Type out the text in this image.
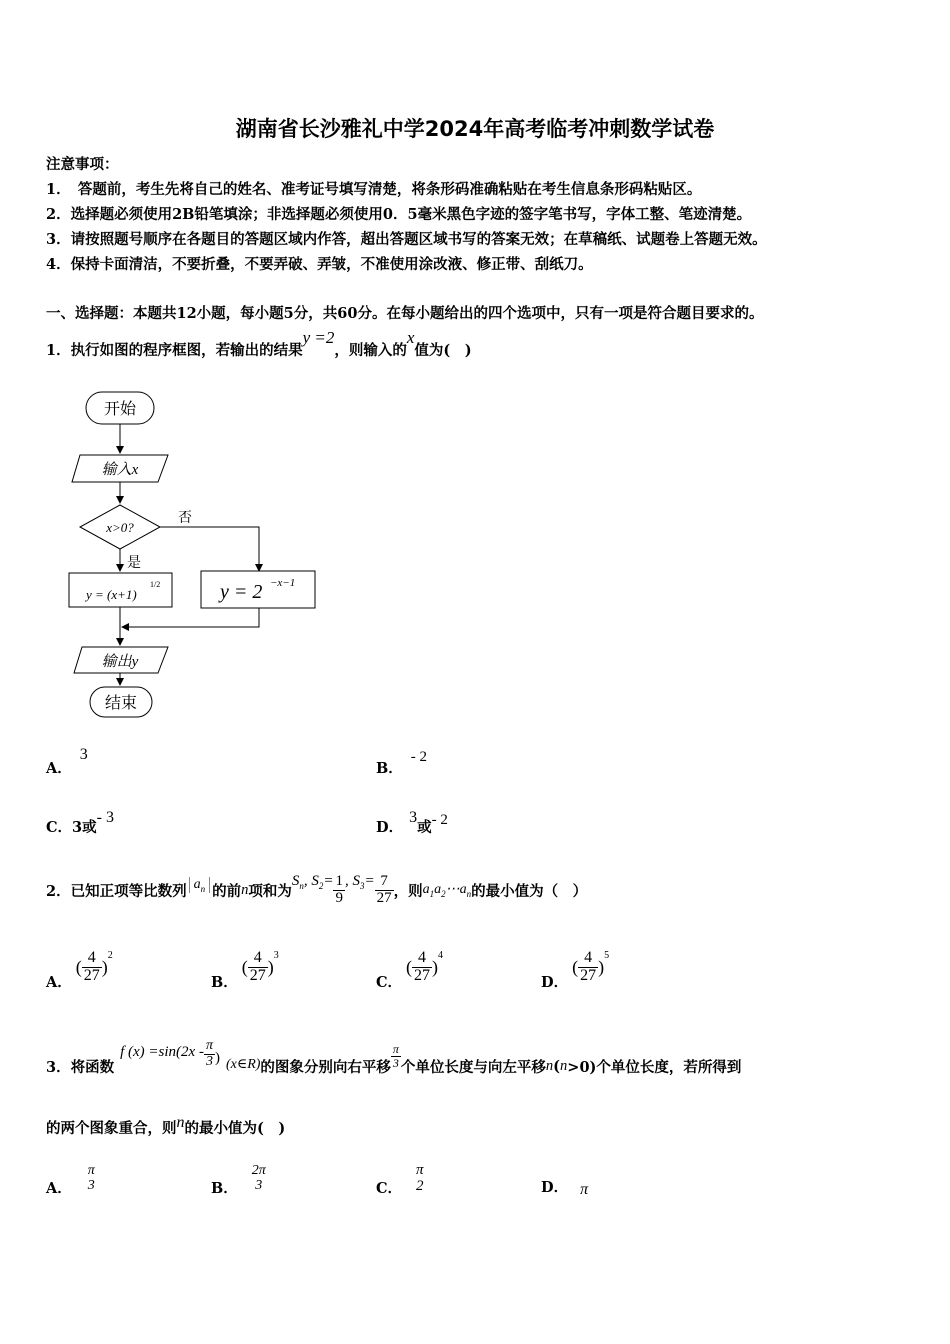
湖南省长沙雅礼中学2024年高考临考冲刺数学试卷
注意事项：
1．　答题前，考生先将自己的姓名、准考证号填写清楚，将条形码准确粘贴在考生信息条形码粘贴区。
2．选择题必须使用2B铅笔填涂；非选择题必须使用0．5毫米黑色字迹的签字笔书写，字体工整、笔迹清楚。
3．请按照题号顺序在各题目的答题区域内作答，超出答题区域书写的答案无效；在草稿纸、试题卷上答题无效。
4．保持卡面清洁，不要折叠，不要弄破、弄皱，不准使用涂改液、修正带、刮纸刀。
一、选择题：本题共12小题，每小题5分，共60分。在每小题给出的四个选项中，只有一项是符合题目要求的。
1．执行如图的程序框图，若输出的结果y =2，则输入的x值为(　)
开始
输入x
x>0?
否
是
y = (x+1)
1/2	y = 2 −x−1
输出y
结束
A．3
B．- 2
C．3或- 3
D．3或- 2
2．已知正项等比数列 $a_n$ 的前 n 项和为
$S_n$, $S_2= \frac{1}{9}$ , $S_3= \frac{7}{27}$ ，则 $a_1a_2\cdots a_n$ 的最小值为（　）
A．
( $\frac{4}{27}$ )
$^2$
B．
( $\frac{4}{27}$ )
$^3$
C．
( $\frac{4}{27}$ )
$^4$
D．
( $\frac{4}{27}$ )
$^5$
3．将函数
f $(x) =\sin(2x - \frac{\pi}{3}$ ) (x∈R) 的图象分别向右平移 $\frac{\pi}{3}$ 个单位长度与向左平移 n ( n >0)个单位长度，若所得到
的两个图象重合，则n的最小值为(　)
A．
π
3	B．
2π
3	C．
π
2	D． π
